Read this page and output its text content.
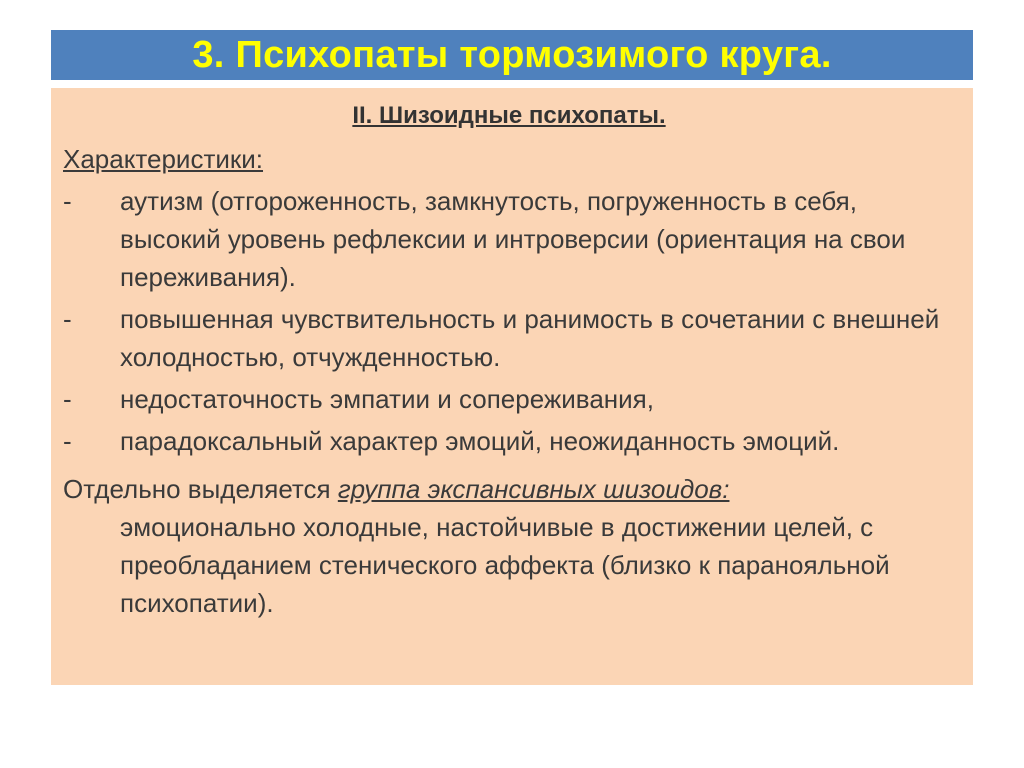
3. Психопаты тормозимого круга.
II. Шизоидные психопаты.
Характеристики:
-	аутизм (отгороженность, замкнутость, погруженность в себя, высокий уровень рефлексии и интроверсии (ориентация на свои переживания).
-	повышенная чувствительность и ранимость в сочетании с внешней холодностью, отчужденностью.
-	недостаточность эмпатии и сопереживания,
-	парадоксальный характер эмоций, неожиданность эмоций.
Отдельно выделяется группа экспансивных шизоидов:
эмоционально холодные, настойчивые в достижении целей, с преобладанием стенического аффекта (близко к паранояльной психопатии).
